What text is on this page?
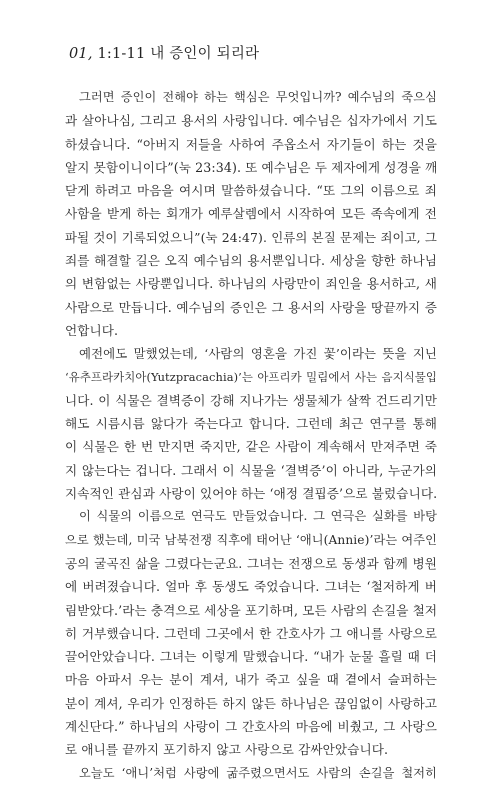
01, 1:1-11 내 증인이 되리라
그러면 증인이 전해야 하는 핵심은 무엇입니까? 예수님의 죽으심
과 살아나심, 그리고 용서의 사랑입니다. 예수님은 십자가에서 기도
하셨습니다. “아버지 저들을 사하여 주옵소서 자기들이 하는 것을
알지 못함이니이다”(눅 23:34). 또 예수님은 두 제자에게 성경을 깨
닫게 하려고 마음을 여시며 말씀하셨습니다. “또 그의 이름으로 죄
사함을 받게 하는 회개가 예루살렘에서 시작하여 모든 족속에게 전
파될 것이 기록되었으니”(눅 24:47). 인류의 본질 문제는 죄이고, 그
죄를 해결할 길은 오직 예수님의 용서뿐입니다. 세상을 향한 하나님
의 변함없는 사랑뿐입니다. 하나님의 사랑만이 죄인을 용서하고, 새
사람으로 만듭니다. 예수님의 증인은 그 용서의 사랑을 땅끝까지 증
언합니다.
예전에도 말했었는데, ‘사람의 영혼을 가진 꽃’이라는 뜻을 지닌
‘유추프라카치아(Yutzpracachia)’는 아프리카 밀림에서 사는 음지식물입
니다. 이 식물은 결벽증이 강해 지나가는 생물체가 살짝 건드리기만
해도 시름시름 앓다가 죽는다고 합니다. 그런데 최근 연구를 통해
이 식물은 한 번 만지면 죽지만, 같은 사람이 계속해서 만져주면 죽
지 않는다는 겁니다. 그래서 이 식물을 ‘결벽증’이 아니라, 누군가의
지속적인 관심과 사랑이 있어야 하는 ‘애정 결핍증’으로 불렀습니다.
이 식물의 이름으로 연극도 만들었습니다. 그 연극은 실화를 바탕
으로 했는데, 미국 남북전쟁 직후에 태어난 ‘애니(Annie)’라는 여주인
공의 굴곡진 삶을 그렸다는군요. 그녀는 전쟁으로 동생과 함께 병원
에 버려졌습니다. 얼마 후 동생도 죽었습니다. 그녀는 ‘철저하게 버
림받았다.’라는 충격으로 세상을 포기하며, 모든 사람의 손길을 철저
히 거부했습니다. 그런데 그곳에서 한 간호사가 그 애니를 사랑으로
끌어안았습니다. 그녀는 이렇게 말했습니다. “내가 눈물 흘릴 때 더
마음 아파서 우는 분이 계셔, 내가 죽고 싶을 때 곁에서 슬퍼하는
분이 계셔, 우리가 인정하든 하지 않든 하나님은 끊임없이 사랑하고
계신단다.” 하나님의 사랑이 그 간호사의 마음에 비췄고, 그 사랑으
로 애니를 끝까지 포기하지 않고 사랑으로 감싸안았습니다.
오늘도 ‘애니’처럼 사랑에 굶주렸으면서도 사람의 손길을 철저히
